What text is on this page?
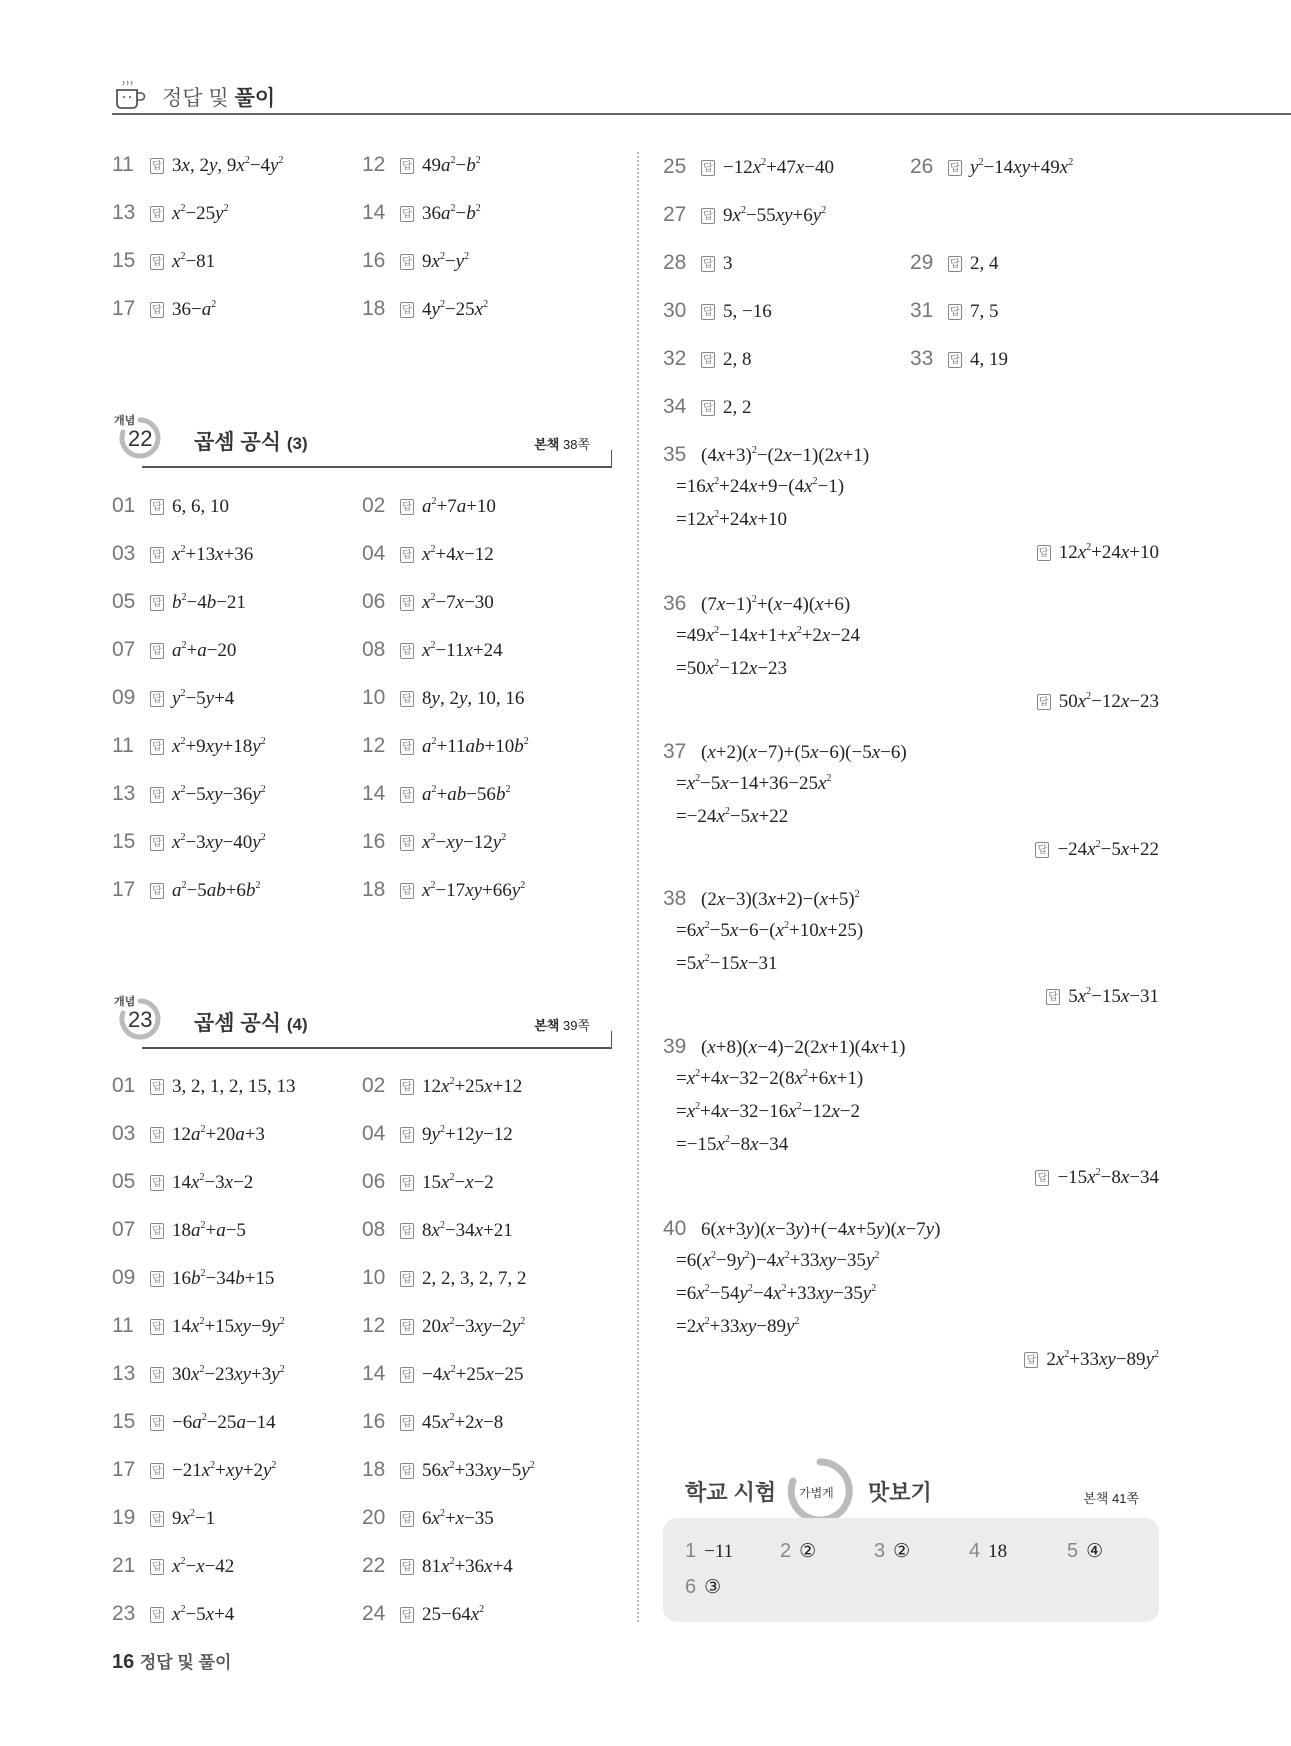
정답 및 풀이
11 답 3x, 2y, $9x^2-4y^2$	12 답 $49a^2-b^2$
13 답 $x^2-25y^2$	14 답 $36a^2-b^2$
15 답 $x^2-81$	16 답 $9x^2-y^2$
17 답 $36-a^2$	18 답 $4y^2-25x^2$
개념
22 곱셈 공식 (3)	본책 38쪽
01 답 6, 6, 10	02 답 $a^2+7a+10$
03 답 $x^2+13x+36$	04 답 $x^2+4x-12$
05 답 $b^2-4b-21$	06 답 $x^2-7x-30$
07 답 $a^2+a-20$	08 답 $x^2-11x+24$
09 답 $y^2-5y+4$	10 답 8y, 2y, 10, 16
11 답 $x^2+9xy+18y^2$	12 답 $a^2+11ab+10b^2$
13 답 $x^2-5xy-36y^2$	14 답 $a^2+ab-56b^2$
15 답 $x^2-3xy-40y^2$	16 답 $x^2-xy-12y^2$
17 답 $a^2-5ab+6b^2$	18 답 $x^2-17xy+66y^2$
개념
23 곱셈 공식 (4)	본책 39쪽
01 답 3, 2, 1, 2, 15, 13	02 답 $12x^2+25x+12$
03 답 $12a^2+20a+3$	04 답 $9y^2+12y-12$
05 답 $14x^2-3x-2$	06 답 $15x^2-x-2$
07 답 $18a^2+a-5$	08 답 $8x^2-34x+21$
09 답 $16b^2-34b+15$	10 답 2, 2, 3, 2, 7, 2
11 답 $14x^2+15xy-9y^2$	12 답 $20x^2-3xy-2y^2$
13 답 $30x^2-23xy+3y^2$	14 답 $-4x^2+25x-25$
15 답 $-6a^2-25a-14$	16 답 $45x^2+2x-8$
17 답 $-21x^2+xy+2y^2$	18 답 $56x^2+33xy-5y^2$
19 답 $9x^2-1$	20 답 $6x^2+x-35$
21 답 $x^2-x-42$	22 답 $81x^2+36x+4$
23 답 $x^2-5x+4$	24 답 $25-64x^2$
25 답 $-12x^2+47x-40$	26 답 $y^2-14xy+49x^2$
27 답 $9x^2-55xy+6y^2$
28 답 3	29 답 2, 4
30 답 5, −16	31 답 7, 5
32 답 2, 8	33 답 4, 19
34 답 2, 2
35 $(4x+3)^2-(2x-1)(2x+1)$
$=16x^2+24x+9-(4x^2-1)$
$=12x^2+24x+10$
답 $12x^2+24x+10$
36 $(7x-1)^2+(x-4)(x+6)$
$=49x^2-14x+1+x^2+2x-24$
$=50x^2-12x-23$
답 $50x^2-12x-23$
37 (x+2)(x−7)+(5x−6)(−5x−6)
$=x^2-5x-14+36-25x^2$
$=-24x^2-5x+22$
답 $-24x^2-5x+22$
38 $(2x-3)(3x+2)-(x+5)^2$
$=6x^2-5x-6-(x^2+10x+25)$
$=5x^2-15x-31$
답 $5x^2-15x-31$
39 (x+8)(x−4)−2(2x+1)(4x+1)
$=x^2+4x-32-2(8x^2+6x+1)$
$=x^2+4x-32-16x^2-12x-2$
$=-15x^2-8x-34$
답 $-15x^2-8x-34$
40 6(x+3y)(x−3y)+(−4x+5y)(x−7y)
$=6(x^2-9y^2)-4x^2+33xy-35y^2$
$=6x^2-54y^2-4x^2+33xy-35y^2$
$=2x^2+33xy-89y^2$
답 $2x^2+33xy-89y^2$
학교 시험 가볍게 맛보기	본책 41쪽
1 −11 2 ②	3 ②	4 18	5 ④
6 ③
16 정답 및 풀이
